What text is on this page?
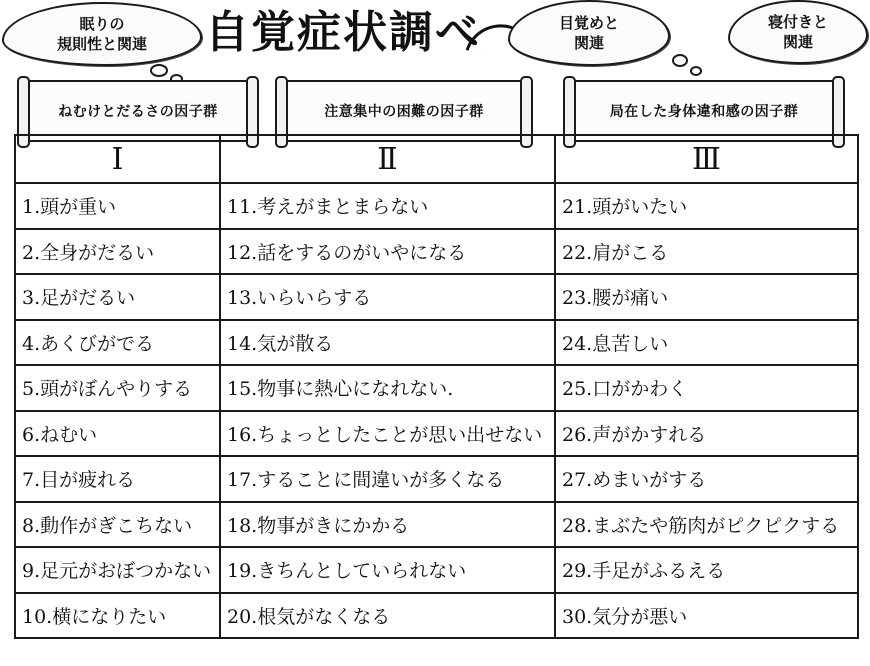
眠りの
規則性と関連	自覚症状調べ	目覚めと
関連
寝付きと
関連
ねむけとだるさの因子群	注意集中の困難の因子群	局在した身体違和感の因子群
Ⅰ	Ⅱ	Ⅲ
1.頭が重い	11.考えがまとまらない	21.頭がいたい
2.全身がだるい	12.話をするのがいやになる	22.肩がこる
3.足がだるい	13.いらいらする	23.腰が痛い
4.あくびがでる	14.気が散る	24.息苦しい
5.頭がぼんやりする	15.物事に熱心になれない.	25.口がかわく
6.ねむい	16.ちょっとしたことが思い出せない	26.声がかすれる
7.目が疲れる	17.することに間違いが多くなる	27.めまいがする
8.動作がぎこちない	18.物事がきにかかる	28.まぶたや筋肉がピクピクする
9.足元がおぼつかない	19.きちんとしていられない	29.手足がふるえる
10.横になりたい	20.根気がなくなる	30.気分が悪い
